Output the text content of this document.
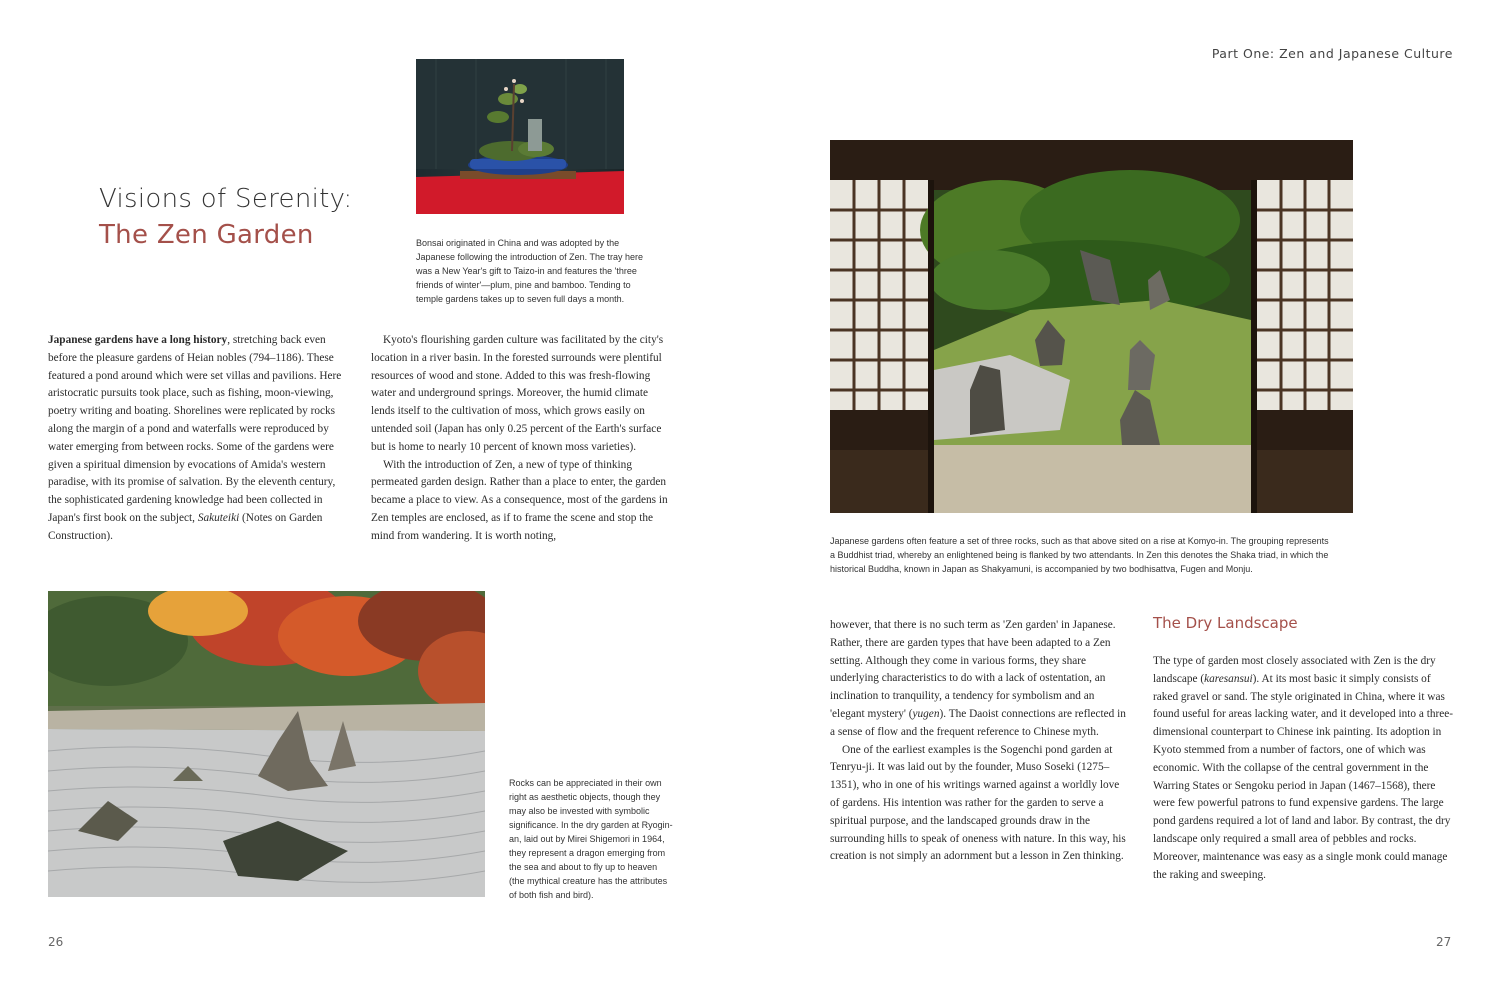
Part One: Zen and Japanese Culture
Bonsai originated in China and was adopted by the Japanese following the introduction of Zen. The tray here was a New Year's gift to Taizo-in and features the 'three friends of winter'—plum, pine and bamboo. Tending to temple gardens takes up to seven full days a month.
Visions of Serenity:
The Zen Garden

Japanese gardens have a long history, stretching back even before the pleasure gardens of Heian nobles (794–1186). These featured a pond around which were set villas and pavilions. Here aristocratic pursuits took place, such as fishing, moon-viewing, poetry writing and boating. Shorelines were replicated by rocks along the margin of a pond and waterfalls were reproduced by water emerging from between rocks. Some of the gardens were given a spiritual dimension by evocations of Amida's western paradise, with its promise of salvation. By the eleventh century, the sophisticated gardening knowledge had been collected in Japan's first book on the subject, Sakuteiki (Notes on Garden Construction).

Kyoto's flourishing garden culture was facilitated by the city's location in a river basin. In the forested surrounds were plentiful resources of wood and stone. Added to this was fresh-flowing water and underground springs. Moreover, the humid climate lends itself to the cultivation of moss, which grows easily on untended soil (Japan has only 0.25 percent of the Earth's surface but is home to nearly 10 percent of known moss varieties).

With the introduction of Zen, a new of type of thinking permeated garden design. Rather than a place to enter, the garden became a place to view. As a consequence, most of the gardens in Zen temples are enclosed, as if to frame the scene and stop the mind from wandering. It is worth noting,

Rocks can be appreciated in their own right as aesthetic objects, though they may also be invested with symbolic significance. In the dry garden at Ryogin-an, laid out by Mirei Shigemori in 1964, they represent a dragon emerging from the sea and about to fly up to heaven (the mythical creature has the attributes of both fish and bird).
Japanese gardens often feature a set of three rocks, such as that above sited on a rise at Komyo-in. The grouping represents a Buddhist triad, whereby an enlightened being is flanked by two attendants. In Zen this denotes the Shaka triad, in which the historical Buddha, known in Japan as Shakyamuni, is accompanied by two bodhisattva, Fugen and Monju.

however, that there is no such term as 'Zen garden' in Japanese. Rather, there are garden types that have been adapted to a Zen setting. Although they come in various forms, they share underlying characteristics to do with a lack of ostentation, an inclination to tranquility, a tendency for symbolism and an 'elegant mystery' (yugen). The Daoist connections are reflected in a sense of flow and the frequent reference to Chinese myth.

One of the earliest examples is the Sogenchi pond garden at Tenryu-ji. It was laid out by the founder, Muso Soseki (1275–1351), who in one of his writings warned against a worldly love of gardens. His intention was rather for the garden to serve a spiritual purpose, and the landscaped grounds draw in the surrounding hills to speak of oneness with nature. In this way, his creation is not simply an adornment but a lesson in Zen thinking.

The Dry Landscape

The type of garden most closely associated with Zen is the dry landscape (karesansui). At its most basic it simply consists of raked gravel or sand. The style originated in China, where it was found useful for areas lacking water, and it developed into a three-dimensional counterpart to Chinese ink painting. Its adoption in Kyoto stemmed from a number of factors, one of which was economic. With the collapse of the central government in the Warring States or Sengoku period in Japan (1467–1568), there were few powerful patrons to fund expensive gardens. The large pond gardens required a lot of land and labor. By contrast, the dry landscape only required a small area of pebbles and rocks. Moreover, maintenance was easy as a single monk could manage the raking and sweeping.

26	27
